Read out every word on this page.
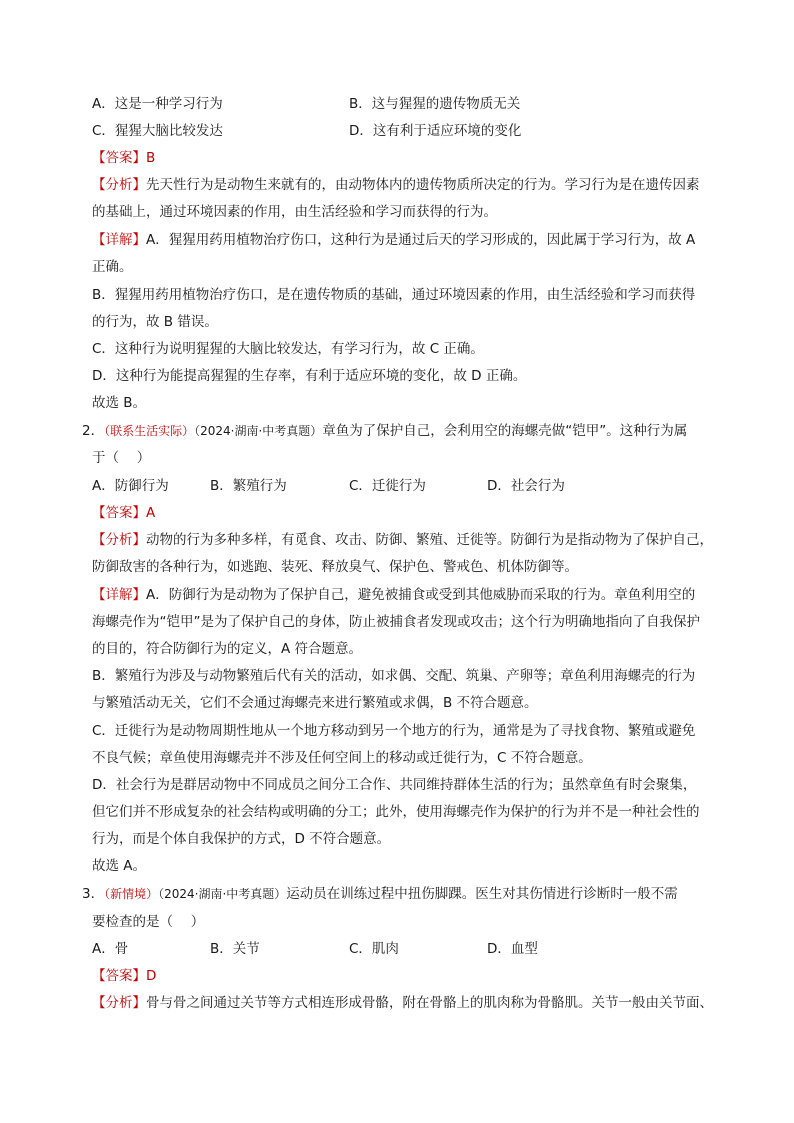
A．这是一种学习行为	B．这与猩猩的遗传物质无关
C．猩猩大脑比较发达	D．这有利于适应环境的变化
【答案】B
【分析】先天性行为是动物生来就有的，由动物体内的遗传物质所决定的行为。学习行为是在遗传因素
的基础上，通过环境因素的作用，由生活经验和学习而获得的行为。
【详解】A．猩猩用药用植物治疗伤口，这种行为是通过后天的学习形成的，因此属于学习行为，故 A
正确。
B．猩猩用药用植物治疗伤口，是在遗传物质的基础，通过环境因素的作用，由生活经验和学习而获得
的行为，故 B 错误。
C．这种行为说明猩猩的大脑比较发达，有学习行为，故 C 正确。
D．这种行为能提高猩猩的生存率，有利于适应环境的变化，故 D 正确。
故选 B。
2．（联系生活实际）（2024·湖南·中考真题）章鱼为了保护自己，会利用空的海螺壳做“铠甲”。这种行为属
于（　 ）
A．防御行为	B．繁殖行为	C．迁徙行为	D．社会行为
【答案】A
【分析】动物的行为多种多样，有觅食、攻击、防御、繁殖、迁徙等。防御行为是指动物为了保护自己，
防御敌害的各种行为，如逃跑、装死、释放臭气、保护色、警戒色、机体防御等。
【详解】A．防御行为是动物为了保护自己，避免被捕食或受到其他威胁而采取的行为。章鱼利用空的
海螺壳作为“铠甲”是为了保护自己的身体，防止被捕食者发现或攻击；这个行为明确地指向了自我保护
的目的，符合防御行为的定义，A 符合题意。
B．繁殖行为涉及与动物繁殖后代有关的活动，如求偶、交配、筑巢、产卵等；章鱼利用海螺壳的行为
与繁殖活动无关，它们不会通过海螺壳来进行繁殖或求偶，B 不符合题意。
C．迁徙行为是动物周期性地从一个地方移动到另一个地方的行为，通常是为了寻找食物、繁殖或避免
不良气候；章鱼使用海螺壳并不涉及任何空间上的移动或迁徙行为，C 不符合题意。
D．社会行为是群居动物中不同成员之间分工合作、共同维持群体生活的行为；虽然章鱼有时会聚集，
但它们并不形成复杂的社会结构或明确的分工；此外，使用海螺壳作为保护的行为并不是一种社会性的
行为，而是个体自我保护的方式，D 不符合题意。
故选 A。
3．（新情境）（2024·湖南·中考真题）运动员在训练过程中扭伤脚踝。医生对其伤情进行诊断时一般不需
要检查的是（　 ）
A．骨	B．关节	C．肌肉	D．血型
【答案】D
【分析】骨与骨之间通过关节等方式相连形成骨骼，附在骨骼上的肌肉称为骨骼肌。关节一般由关节面、
